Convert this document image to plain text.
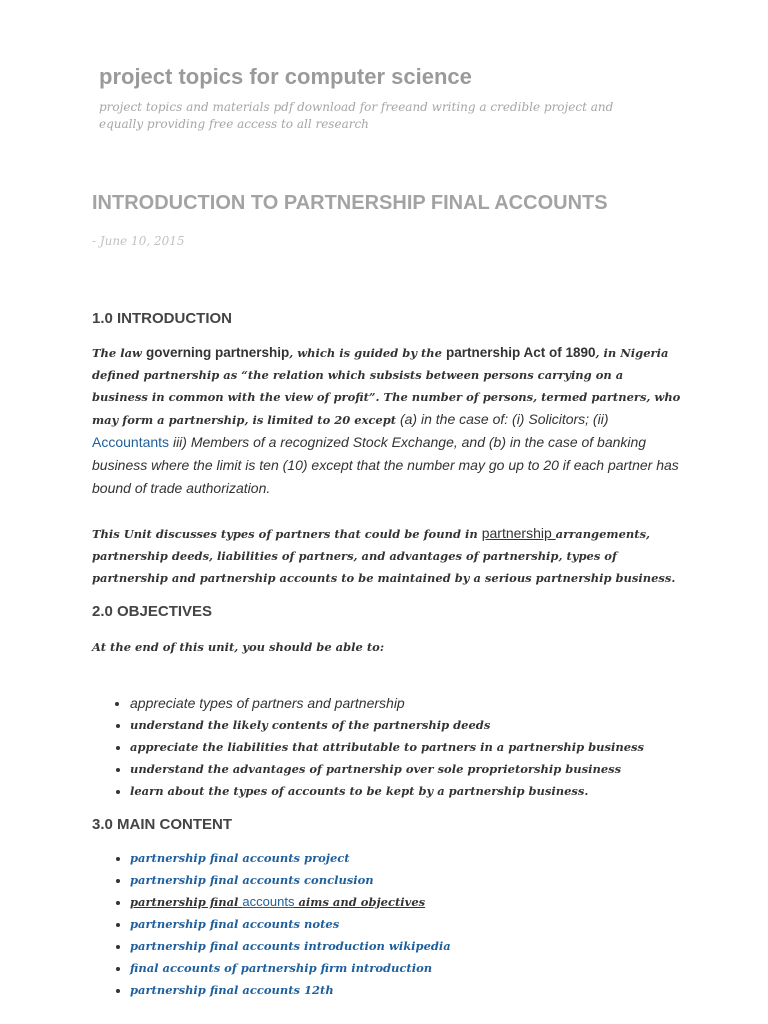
project topics for computer science
project topics and materials pdf download for freeand writing a credible project and equally providing free access to all research
INTRODUCTION TO PARTNERSHIP FINAL ACCOUNTS
- June 10, 2015
1.0 INTRODUCTION

The law governing partnership, which is guided by the partnership Act of 1890, in Nigeria defined partnership as “the relation which subsists between persons carrying on a business in common with the view of profit”. The number of persons, termed partners, who may form a partnership, is limited to 20 except (a) in the case of: (i) Solicitors; (ii) Accountants iii) Members of a recognized Stock Exchange, and (b) in the case of banking business where the limit is ten (10) except that the number may go up to 20 if each partner has bound of trade authorization.

This Unit discusses types of partners that could be found in partnership arrangements, partnership deeds, liabilities of partners, and advantages of partnership, types of partnership and partnership accounts to be maintained by a serious partnership business.

2.0 OBJECTIVES

At the end of this unit, you should be able to:

• appreciate types of partners and partnership
• understand the likely contents of the partnership deeds
• appreciate the liabilities that attributable to partners in a partnership business
• understand the advantages of partnership over sole proprietorship business
• learn about the types of accounts to be kept by a partnership business.
3.0 MAIN CONTENT
• partnership final accounts project
• partnership final accounts conclusion
• partnership final accounts aims and objectives
• partnership final accounts notes
• partnership final accounts introduction wikipedia
• final accounts of partnership firm introduction
• partnership final accounts 12th
